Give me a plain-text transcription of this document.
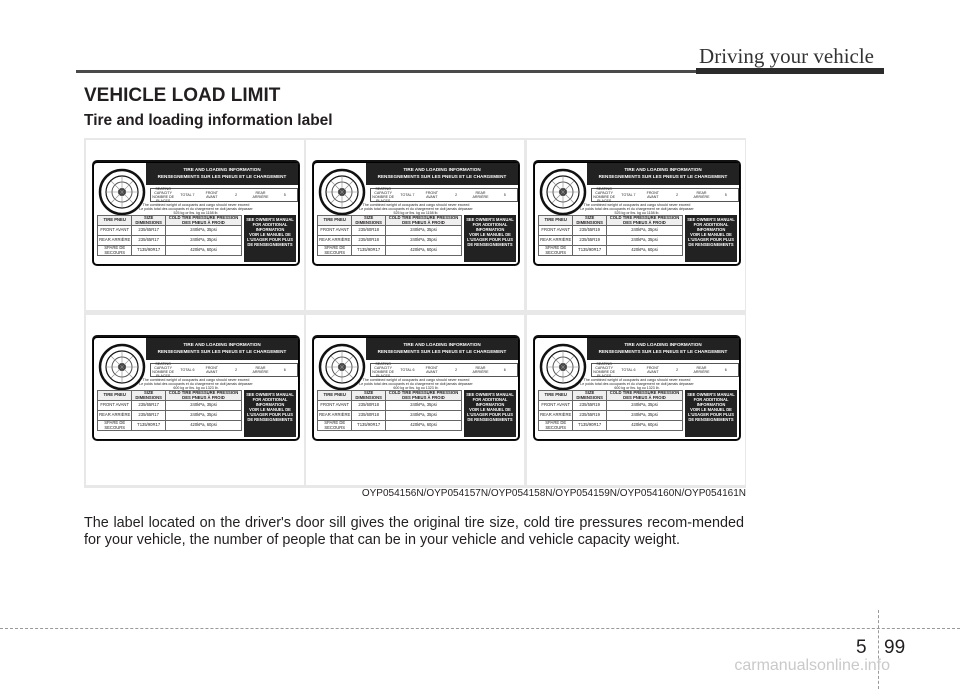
Driving your vehicle
VEHICLE LOAD LIMIT
Tire and loading information label
TIRE AND LOADING INFORMATION
RENSEGNEMENTS SUR LES PNEUS ET LE CHARGEMENT
SEATING CAPACITY NOMBRE DE PLACES
TOTAL 7	FRONT AVANT	2	REAR ARRIÈRE	5
The combined weight of occupants and cargo should never exceed
Le poids total des occupants et du chargement ne doit jamais dépasser
525 kg or lbs. kg ou 1158 lb.
TIRE PNEU	SIZE DIMENSIONS	COLD TIRE PRESSURE PRESSION DES PNEUS À FROID
FRONT AVANT	235/65R17	240kPa, 35psi
REAR ARRIÈRE	235/65R17	240kPa, 35psi
SPARE DE SECOURS	T135/90R17	420kPa, 60psi
SEE OWNER'S MANUAL FOR ADDITIONAL INFORMATION
VOIR LE MANUEL DE L'USAGER POUR PLUS DE RENSEIGNEMENTS
TIRE AND LOADING INFORMATION
RENSEGNEMENTS SUR LES PNEUS ET LE CHARGEMENT
SEATING CAPACITY NOMBRE DE PLACES
TOTAL 7	FRONT AVANT	2	REAR ARRIÈRE	5
The combined weight of occupants and cargo should never exceed
Le poids total des occupants et du chargement ne doit jamais dépasser
525 kg or lbs. kg ou 1158 lb.
TIRE PNEU	SIZE DIMENSIONS	COLD TIRE PRESSURE PRESSION DES PNEUS À FROID
FRONT AVANT	235/60R18	240kPa, 35psi
REAR ARRIÈRE	235/60R18	240kPa, 35psi
SPARE DE SECOURS	T135/90R17	420kPa, 60psi
SEE OWNER'S MANUAL FOR ADDITIONAL INFORMATION
VOIR LE MANUEL DE L'USAGER POUR PLUS DE RENSEIGNEMENTS
TIRE AND LOADING INFORMATION
RENSEGNEMENTS SUR LES PNEUS ET LE CHARGEMENT
SEATING CAPACITY NOMBRE DE PLACES
TOTAL 7	FRONT AVANT	2	REAR ARRIÈRE	5
The combined weight of occupants and cargo should never exceed
Le poids total des occupants et du chargement ne doit jamais dépasser
525 kg or lbs. kg ou 1158 lb.
TIRE PNEU	SIZE DIMENSIONS	COLD TIRE PRESSURE PRESSION DES PNEUS À FROID
FRONT AVANT	235/55R19	240kPa, 35psi
REAR ARRIÈRE	235/55R19	240kPa, 35psi
SPARE DE SECOURS	T135/90R17	420kPa, 60psi
SEE OWNER'S MANUAL FOR ADDITIONAL INFORMATION
VOIR LE MANUEL DE L'USAGER POUR PLUS DE RENSEIGNEMENTS
TIRE AND LOADING INFORMATION
RENSEGNEMENTS SUR LES PNEUS ET LE CHARGEMENT
SEATING CAPACITY NOMBRE DE PLACES
TOTAL 6	FRONT AVANT	2	REAR ARRIÈRE	6
The combined weight of occupants and cargo should never exceed
Le poids total des occupants et du chargement ne doit jamais dépasser
600 kg or lbs. kg ou 1323 lb.
TIRE PNEU	SIZE DIMENSIONS	COLD TIRE PRESSURE PRESSION DES PNEUS À FROID
FRONT AVANT	235/65R17	240kPa, 35psi
REAR ARRIÈRE	235/65R17	240kPa, 35psi
SPARE DE SECOURS	T135/90R17	420kPa, 60psi
SEE OWNER'S MANUAL FOR ADDITIONAL INFORMATION
VOIR LE MANUEL DE L'USAGER POUR PLUS DE RENSEIGNEMENTS
TIRE AND LOADING INFORMATION
RENSEGNEMENTS SUR LES PNEUS ET LE CHARGEMENT
SEATING CAPACITY NOMBRE DE PLACES
TOTAL 6	FRONT AVANT	2	REAR ARRIÈRE	6
The combined weight of occupants and cargo should never exceed
Le poids total des occupants et du chargement ne doit jamais dépasser
600 kg or lbs. kg ou 1323 lb.
TIRE PNEU	SIZE DIMENSIONS	COLD TIRE PRESSURE PRESSION DES PNEUS À FROID
FRONT AVANT	235/60R18	240kPa, 35psi
REAR ARRIÈRE	235/60R18	240kPa, 35psi
SPARE DE SECOURS	T135/90R17	420kPa, 60psi
SEE OWNER'S MANUAL FOR ADDITIONAL INFORMATION
VOIR LE MANUEL DE L'USAGER POUR PLUS DE RENSEIGNEMENTS
TIRE AND LOADING INFORMATION
RENSEGNEMENTS SUR LES PNEUS ET LE CHARGEMENT
SEATING CAPACITY NOMBRE DE PLACES
TOTAL 6	FRONT AVANT	2	REAR ARRIÈRE	6
The combined weight of occupants and cargo should never exceed
Le poids total des occupants et du chargement ne doit jamais dépasser
600 kg or lbs. kg ou 1323 lb.
TIRE PNEU	SIZE DIMENSIONS	COLD TIRE PRESSURE PRESSION DES PNEUS À FROID
FRONT AVANT	235/55R19	240kPa, 35psi
REAR ARRIÈRE	235/55R19	240kPa, 35psi
SPARE DE SECOURS	T135/90R17	420kPa, 60psi
SEE OWNER'S MANUAL FOR ADDITIONAL INFORMATION
VOIR LE MANUEL DE L'USAGER POUR PLUS DE RENSEIGNEMENTS
OYP054156N/OYP054157N/OYP054158N/OYP054159N/OYP054160N/OYP054161N
The label located on the driver's door sill gives the original tire size, cold tire pressures recom-mended for your vehicle, the number of people that can be in your vehicle and vehicle capacity weight.
5 99
carmanualsonline.info
